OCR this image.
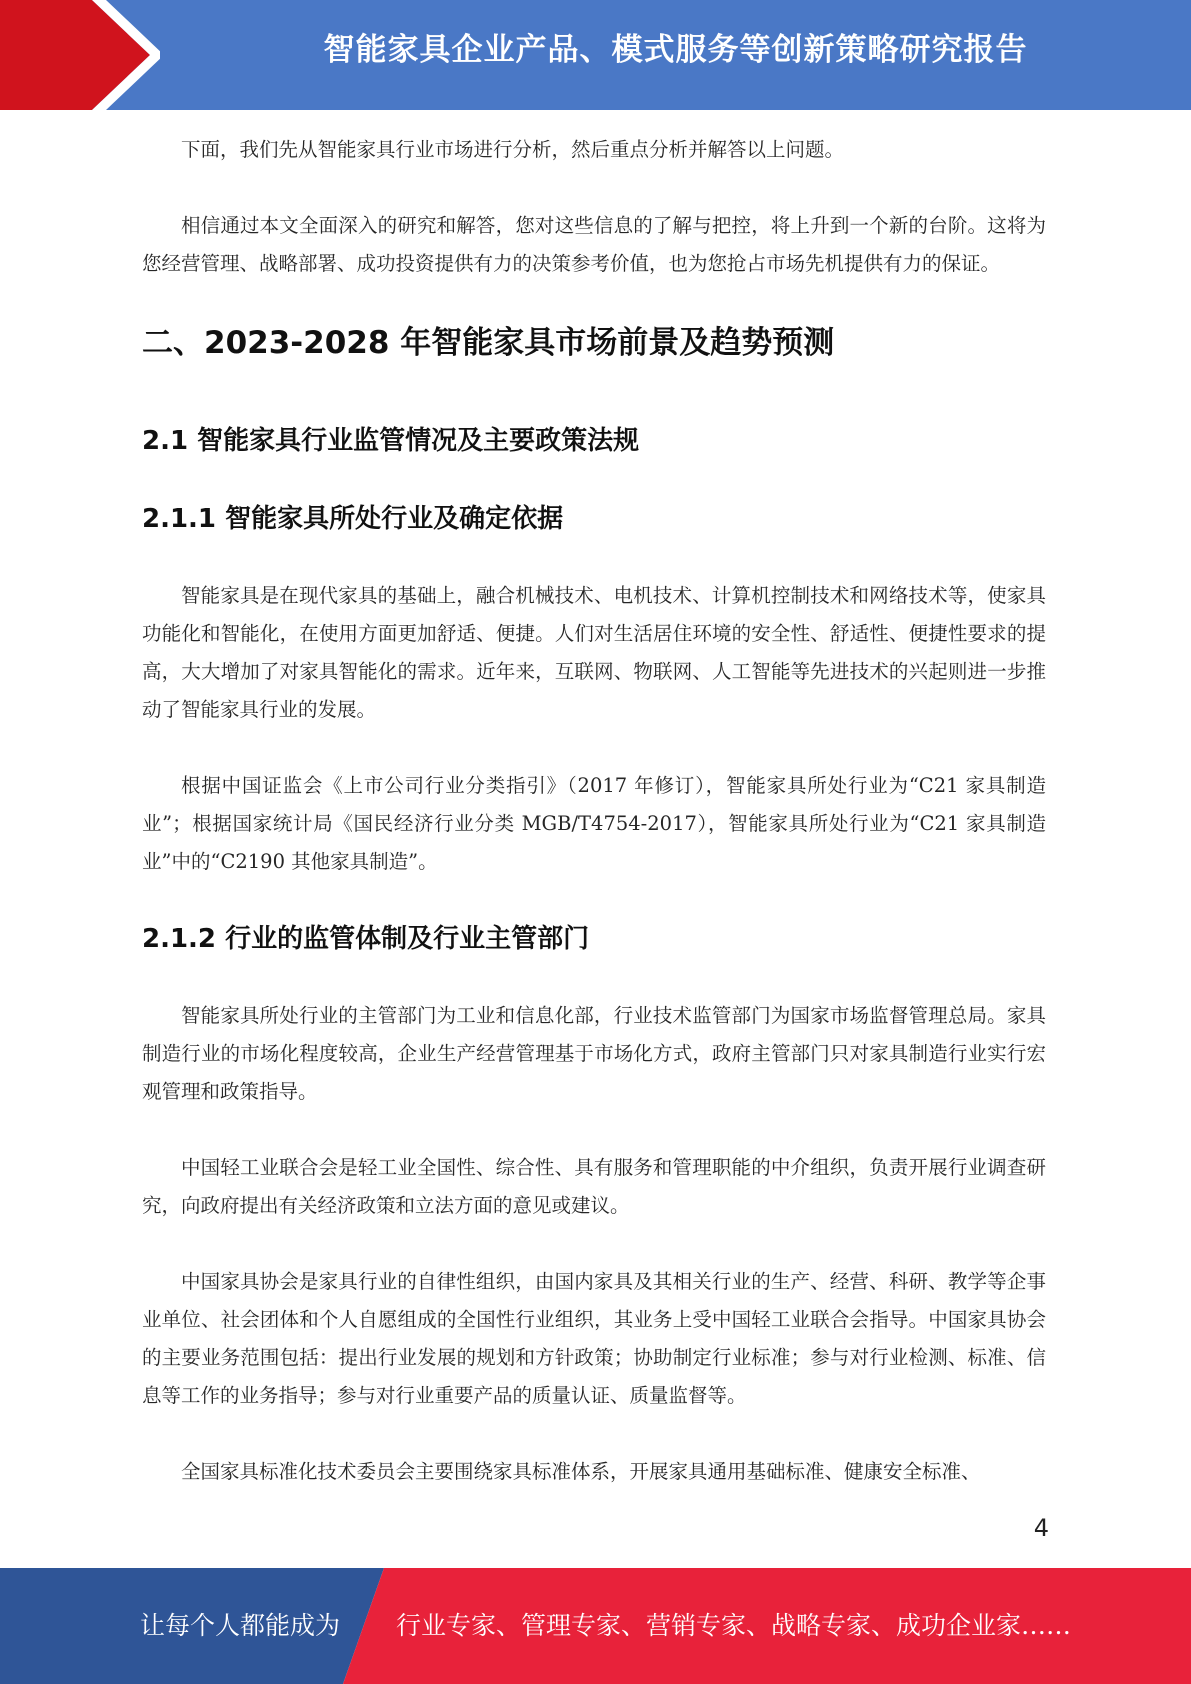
智能家具企业产品、模式服务等创新策略研究报告

下面，我们先从智能家具行业市场进行分析，然后重点分析并解答以上问题。

相信通过本文全面深入的研究和解答，您对这些信息的了解与把控，将上升到一个新的台阶。这将为您经营管理、战略部署、成功投资提供有力的决策参考价值，也为您抢占市场先机提供有力的保证。

二、2023-2028 年智能家具市场前景及趋势预测
2.1 智能家具行业监管情况及主要政策法规
2.1.1 智能家具所处行业及确定依据

智能家具是在现代家具的基础上，融合机械技术、电机技术、计算机控制技术和网络技术等，使家具功能化和智能化，在使用方面更加舒适、便捷。人们对生活居住环境的安全性、舒适性、便捷性要求的提高，大大增加了对家具智能化的需求。近年来，互联网、物联网、人工智能等先进技术的兴起则进一步推动了智能家具行业的发展。

根据中国证监会《上市公司行业分类指引》（2017 年修订），智能家具所处行业为“C21 家具制造业”；根据国家统计局《国民经济行业分类 MGB/T4754-2017），智能家具所处行业为“C21 家具制造业”中的“C2190 其他家具制造”。

2.1.2 行业的监管体制及行业主管部门

智能家具所处行业的主管部门为工业和信息化部，行业技术监管部门为国家市场监督管理总局。家具制造行业的市场化程度较高，企业生产经营管理基于市场化方式，政府主管部门只对家具制造行业实行宏观管理和政策指导。

中国轻工业联合会是轻工业全国性、综合性、具有服务和管理职能的中介组织，负责开展行业调查研究，向政府提出有关经济政策和立法方面的意见或建议。

中国家具协会是家具行业的自律性组织，由国内家具及其相关行业的生产、经营、科研、教学等企事业单位、社会团体和个人自愿组成的全国性行业组织，其业务上受中国轻工业联合会指导。中国家具协会的主要业务范围包括：提出行业发展的规划和方针政策；协助制定行业标准；参与对行业检测、标准、信息等工作的业务指导；参与对行业重要产品的质量认证、质量监督等。

全国家具标准化技术委员会主要围绕家具标准体系，开展家具通用基础标准、健康安全标准、

4
让每个人都能成为 行业专家、管理专家、营销专家、战略专家、成功企业家……
